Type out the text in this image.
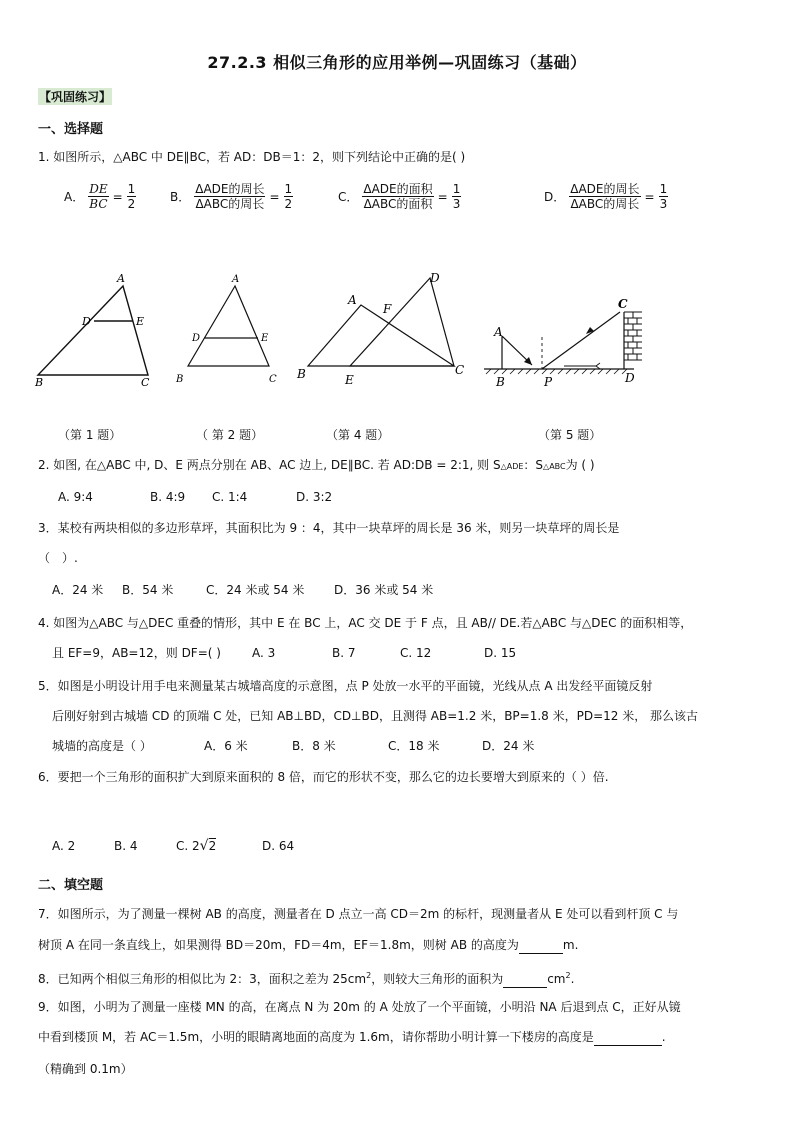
27.2.3 相似三角形的应用举例—巩固练习（基础）
【巩固练习】
一、选择题
1. 如图所示，△ABC 中 DE∥BC，若 AD：DB＝1：2，则下列结论中正确的是( )
A． $\frac{DE}{BC} = \frac{1}{2}$	B． $\frac{\text{ΔADE的周长}}{\text{ΔABC的周长}} = \frac{1}{2}$	C． $\frac{\text{ΔADE的面积}}{\text{ΔABC的面积}} = \frac{1}{3}$	D． $\frac{\text{ΔADE的周长}}{\text{ΔABC的周长}} = \frac{1}{3}$
A
D	E
B	C
A
D	E
B	C
A
D
F
B	E
C
A
B	P
C
D
（第 1 题）	（ 第 2 题）	（第 4 题）	（第 5 题）
2. 如图, 在△ABC 中, D、E 两点分别在 AB、AC 边上, DE∥BC. 若 AD:DB = 2:1, 则 S△ADE：S△ABC为 ( )
A. 9:4	B. 4:9 C. 1:4	D. 3:2
3．某校有两块相似的多边形草坪，其面积比为 9 ：4，其中一块草坪的周长是 36 米，则另一块草坪的周长是
（　）.
A．24 米 B．54 米	C．24 米或 54 米 D．36 米或 54 米
4. 如图为△ABC 与△DEC 重叠的情形，其中 E 在 BC 上，AC 交 DE 于 F 点，且 AB// DE.若△ABC 与△DEC 的面积相等，
且 EF=9，AB=12，则 DF=( )	A. 3	B. 7	C. 12	D. 15
5．如图是小明设计用手电来测量某古城墙高度的示意图，点 P 处放一水平的平面镜，光线从点 A 出发经平面镜反射
后刚好射到古城墙 CD 的顶端 C 处，已知 AB⊥BD，CD⊥BD，且测得 AB=1.2 米，BP=1.8 米，PD=12 米， 那么该古
城墙的高度是（ ）	A．6 米	B．8 米	C．18 米	D．24 米
6．要把一个三角形的面积扩大到原来面积的 8 倍，而它的形状不变，那么它的边长要增大到原来的（ ）倍.
A. 2	B. 4	C. 2√2	D. 64
二、填空题
7．如图所示，为了测量一棵树 AB 的高度，测量者在 D 点立一高 CD＝2m 的标杆，现测量者从 E 处可以看到杆顶 C 与
树顶 A 在同一条直线上，如果测得 BD＝20m，FD＝4m，EF＝1.8m，则树 AB 的高度为	m.
8．已知两个相似三角形的相似比为 2：3，面积之差为 $25cm^2$，则较大三角形的面积为	$cm^2$.
9．如图，小明为了测量一座楼 MN 的高，在离点 N 为 20m 的 A 处放了一个平面镜，小明沿 NA 后退到点 C，正好从镜
中看到楼顶 M，若 AC＝1.5m，小明的眼睛离地面的高度为 1.6m，请你帮助小明计算一下楼房的高度是	.
（精确到 0.1m）
